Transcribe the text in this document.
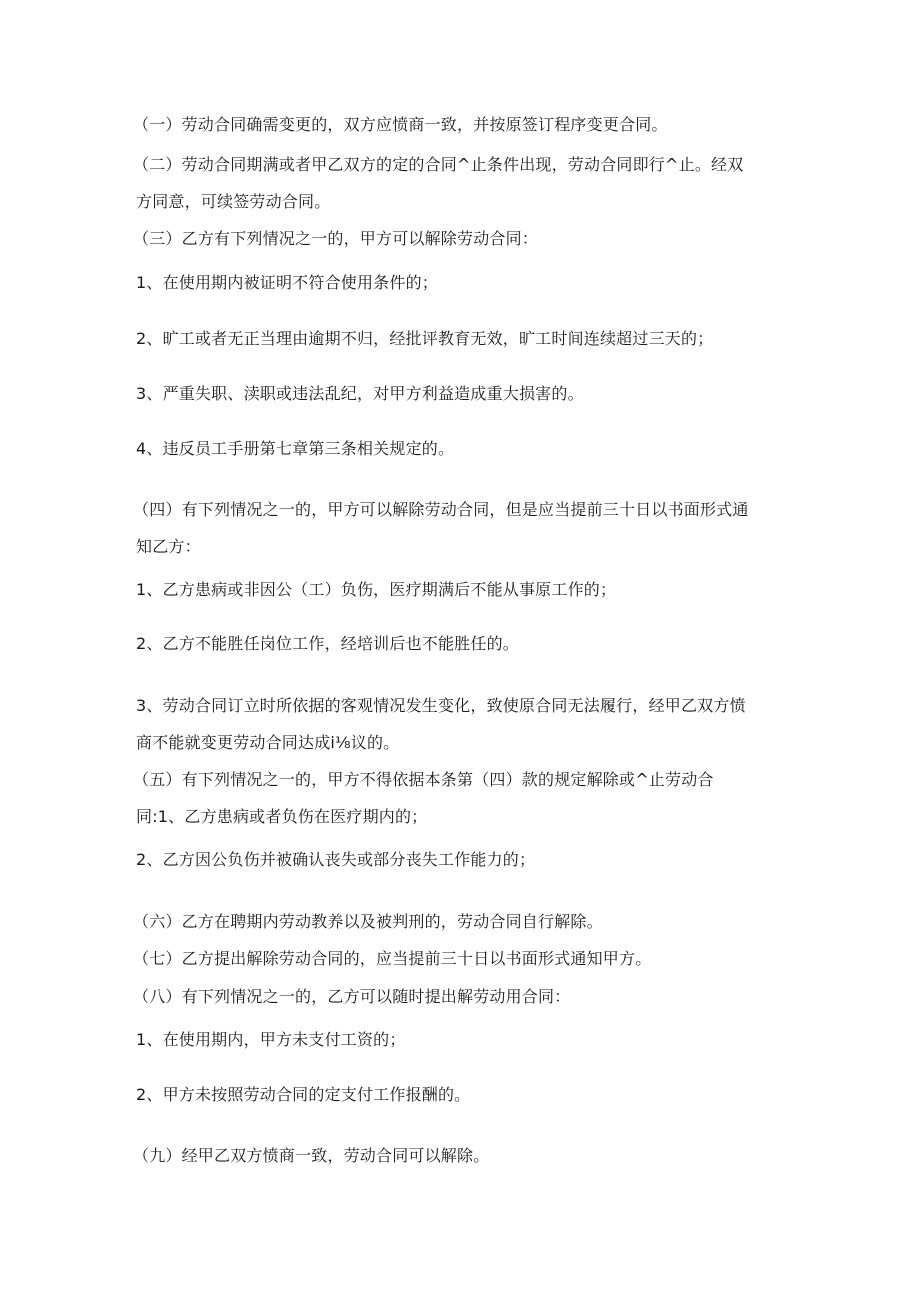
（一）劳动合同确需变更的，双方应愤商一致，并按原签订程序变更合同。
（二）劳动合同期满或者甲乙双方的定的合同^止条件出现，劳动合同即行^止。经双
方同意，可续签劳动合同。
（三）乙方有下列情况之一的，甲方可以解除劳动合同：
1、在使用期内被证明不符合使用条件的；
2、旷工或者无正当理由逾期不归，经批评教育无效，旷工时间连续超过三天的；
3、严重失职、渎职或违法乱纪，对甲方利益造成重大损害的。
4、违反员工手册第七章第三条相关规定的。
（四）有下列情况之一的，甲方可以解除劳动合同，但是应当提前三十日以书面形式通
知乙方：
1、乙方患病或非因公（工）负伤，医疗期满后不能从事原工作的；
2、乙方不能胜任岗位工作，经培训后也不能胜任的。
3、劳动合同订立时所依据的客观情况发生变化，致使原合同无法履行，经甲乙双方愤
商不能就变更劳动合同达成i⅛议的。
（五）有下列情况之一的，甲方不得依据本条第（四）款的规定解除或^止劳动合
同:1、乙方患病或者负伤在医疗期内的；
2、乙方因公负伤并被确认丧失或部分丧失工作能力的；
（六）乙方在聘期内劳动教养以及被判刑的，劳动合同自行解除。
（七）乙方提出解除劳动合同的，应当提前三十日以书面形式通知甲方。
（八）有下列情况之一的，乙方可以随时提出解劳动用合同：
1、在使用期内，甲方未支付工资的；
2、甲方未按照劳动合同的定支付工作报酬的。
（九）经甲乙双方愤商一致，劳动合同可以解除。
